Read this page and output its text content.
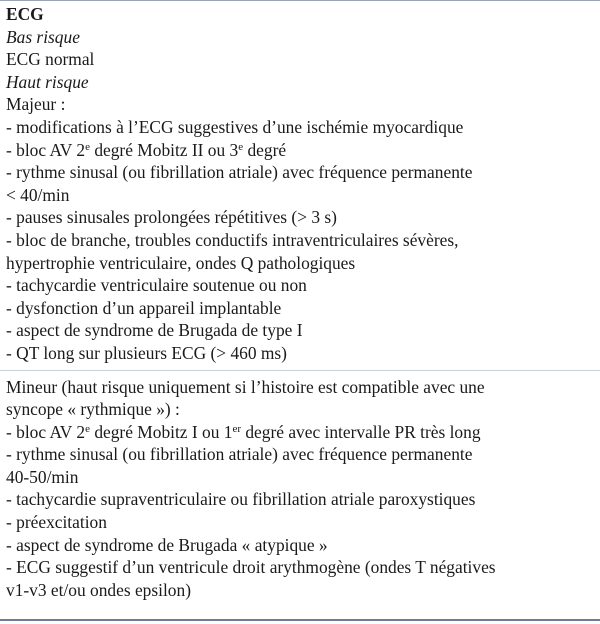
ECG
Bas risque
ECG normal
Haut risque
Majeur :
- modifications à l’ECG suggestives d’une ischémie myocardique
- bloc AV 2e degré Mobitz II ou 3e degré
- rythme sinusal (ou fibrillation atriale) avec fréquence permanente
< 40/min
- pauses sinusales prolongées répétitives (> 3 s)
- bloc de branche, troubles conductifs intraventriculaires sévères,
hypertrophie ventriculaire, ondes Q pathologiques
- tachycardie ventriculaire soutenue ou non
- dysfonction d’un appareil implantable
- aspect de syndrome de Brugada de type I
- QT long sur plusieurs ECG (> 460 ms)
Mineur (haut risque uniquement si l’histoire est compatible avec une
syncope « rythmique ») :
- bloc AV 2e degré Mobitz I ou 1er degré avec intervalle PR très long
- rythme sinusal (ou fibrillation atriale) avec fréquence permanente
40-50/min
- tachycardie supraventriculaire ou fibrillation atriale paroxystiques
- préexcitation
- aspect de syndrome de Brugada « atypique »
- ECG suggestif d’un ventricule droit arythmogène (ondes T négatives
v1-v3 et/ou ondes epsilon)
